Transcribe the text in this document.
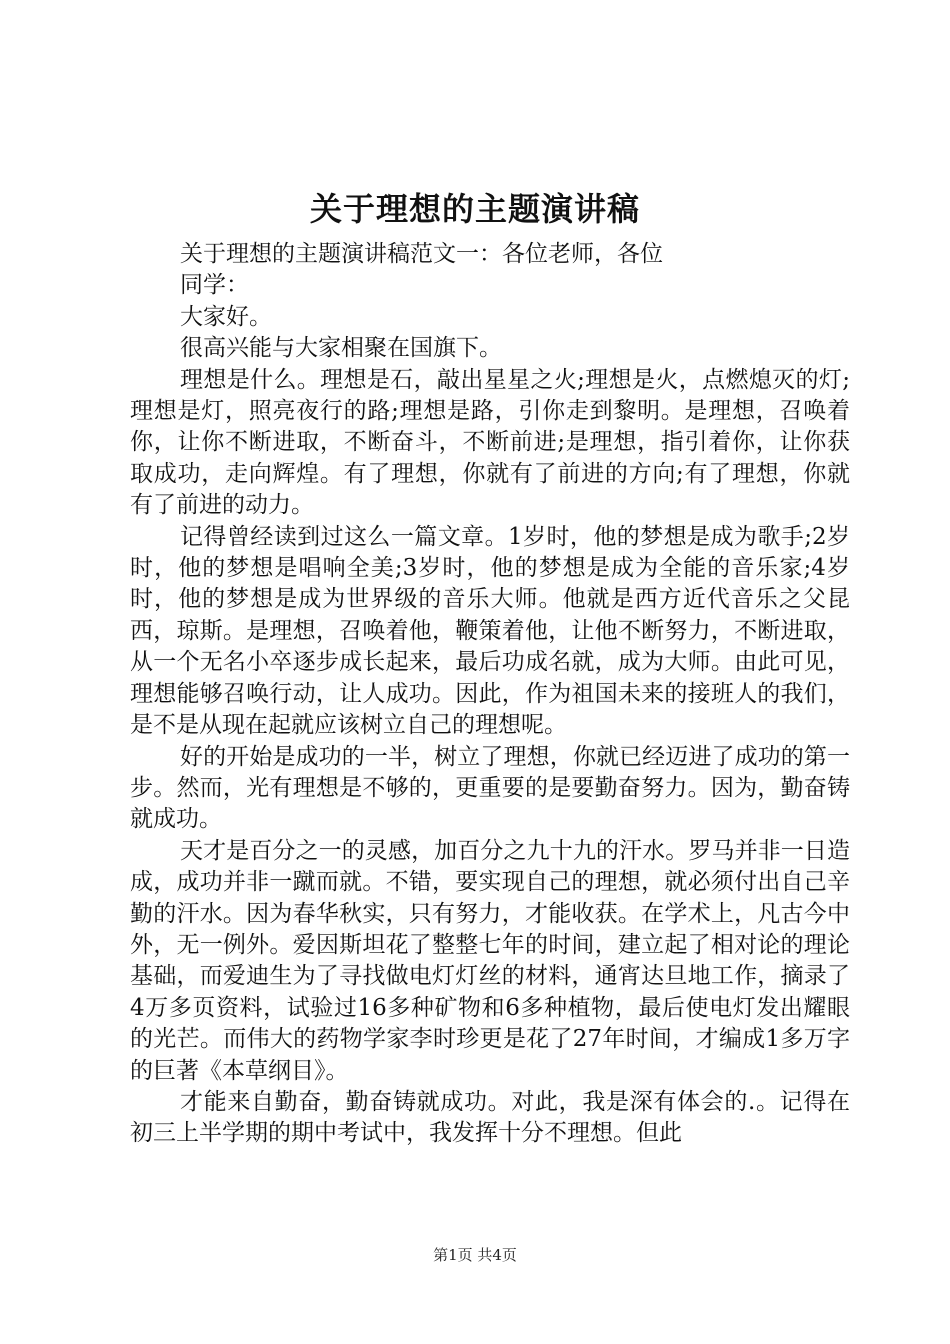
关于理想的主题演讲稿

关于理想的主题演讲稿范文一：各位老师，各位

同学：

大家好。

很高兴能与大家相聚在国旗下。

理想是什么。理想是石，敲出星星之火;理想是火，点燃熄灭的灯;理想是灯，照亮夜行的路;理想是路，引你走到黎明。是理想，召唤着你，让你不断进取，不断奋斗，不断前进;是理想，指引着你，让你获取成功，走向辉煌。有了理想，你就有了前进的方向;有了理想，你就有了前进的动力。

记得曾经读到过这么一篇文章。1岁时，他的梦想是成为歌手;2岁时，他的梦想是唱响全美;3岁时，他的梦想是成为全能的音乐家;4岁时，他的梦想是成为世界级的音乐大师。他就是西方近代音乐之父昆西，琼斯。是理想，召唤着他，鞭策着他，让他不断努力，不断进取，从一个无名小卒逐步成长起来，最后功成名就，成为大师。由此可见，理想能够召唤行动，让人成功。因此，作为祖国未来的接班人的我们，是不是从现在起就应该树立自己的理想呢。

好的开始是成功的一半，树立了理想，你就已经迈进了成功的第一步。然而，光有理想是不够的，更重要的是要勤奋努力。因为，勤奋铸就成功。

天才是百分之一的灵感，加百分之九十九的汗水。罗马并非一日造成，成功并非一蹴而就。不错，要实现自己的理想，就必须付出自己辛勤的汗水。因为春华秋实，只有努力，才能收获。在学术上，凡古今中外，无一例外。爱因斯坦花了整整七年的时间，建立起了相对论的理论基础，而爱迪生为了寻找做电灯灯丝的材料，通宵达旦地工作，摘录了4万多页资料，试验过16多种矿物和6多种植物，最后使电灯发出耀眼的光芒。而伟大的药物学家李时珍更是花了27年时间，才编成1多万字的巨著《本草纲目》。

才能来自勤奋，勤奋铸就成功。对此，我是深有体会的.。记得在初三上半学期的期中考试中，我发挥十分不理想。但此

第1页 共4页
